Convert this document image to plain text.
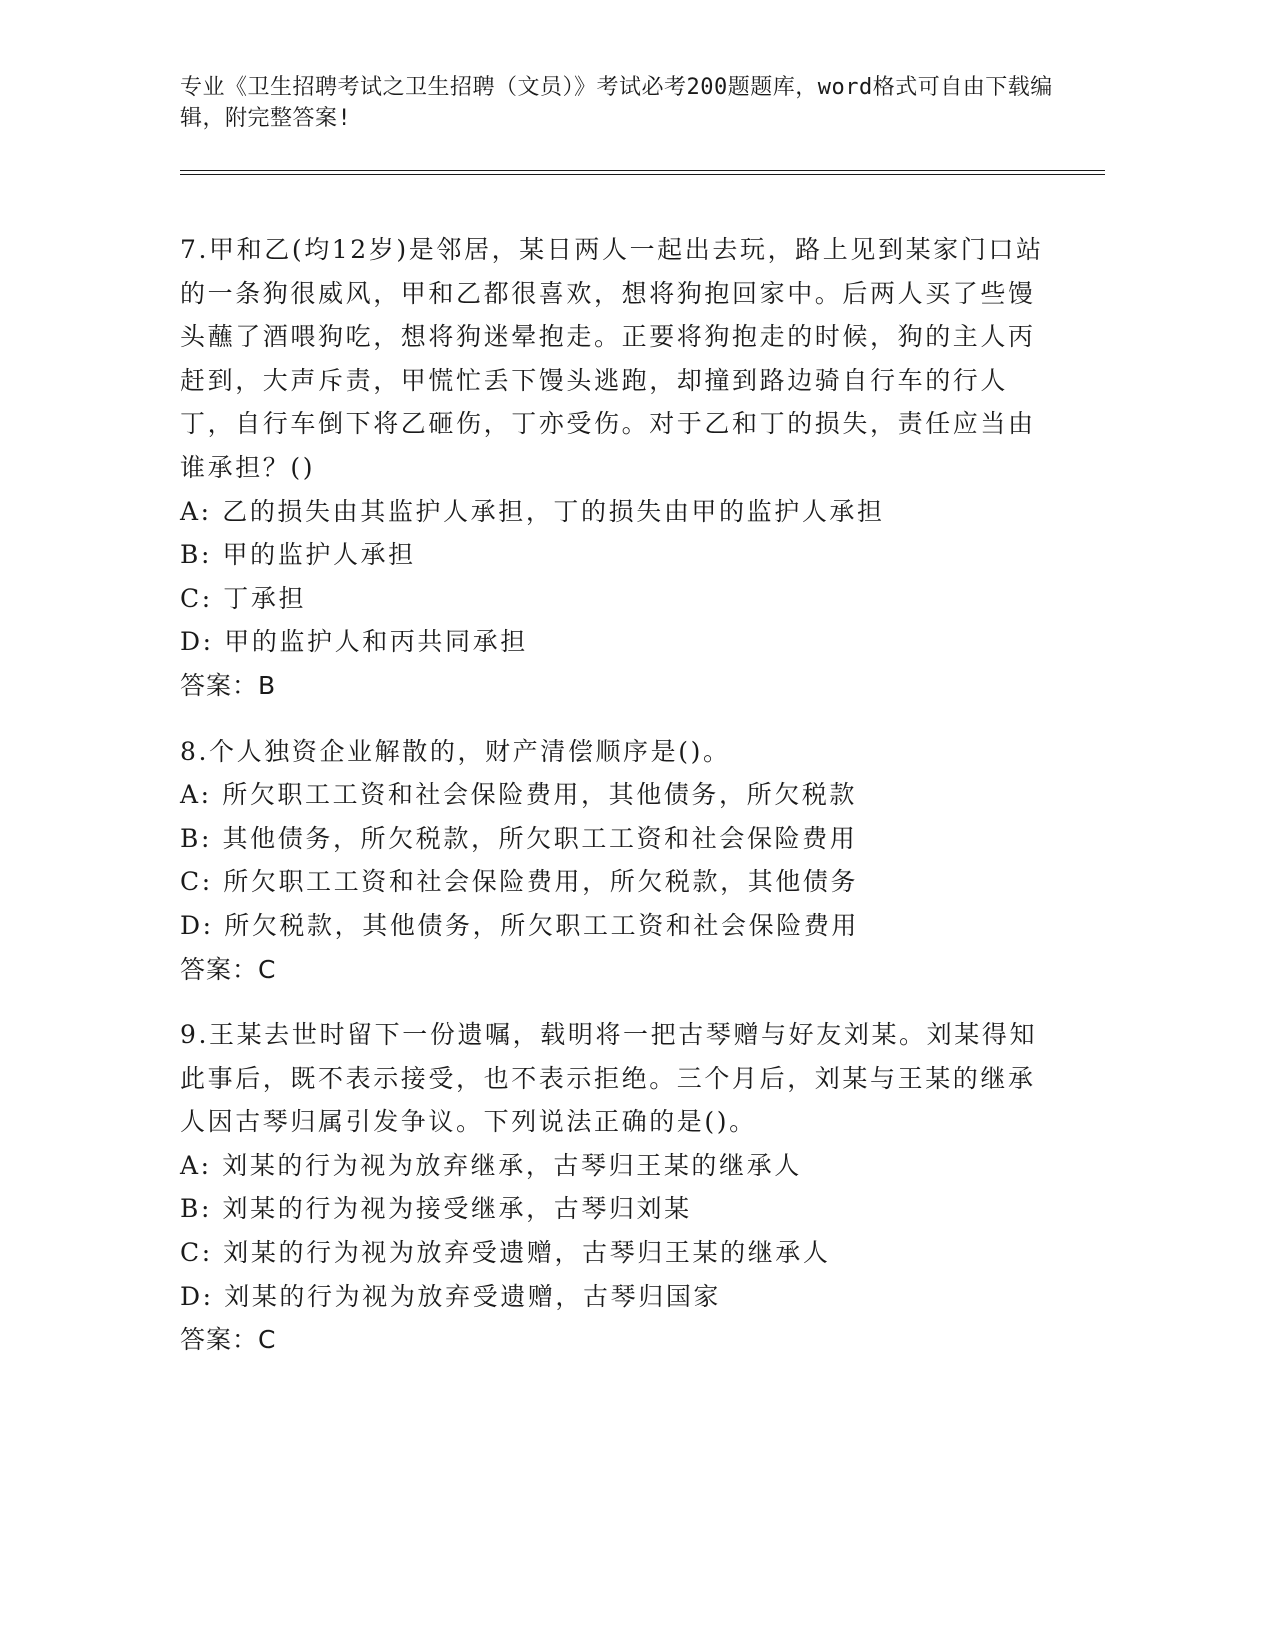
专业《卫生招聘考试之卫生招聘（文员）》考试必考200题题库，word格式可自由下载编辑，附完整答案!

7.甲和乙(均12岁)是邻居，某日两人一起出去玩，路上见到某家门口站的一条狗很威风，甲和乙都很喜欢，想将狗抱回家中。后两人买了些馒头蘸了酒喂狗吃，想将狗迷晕抱走。正要将狗抱走的时候，狗的主人丙赶到，大声斥责，甲慌忙丢下馒头逃跑，却撞到路边骑自行车的行人丁，自行车倒下将乙砸伤，丁亦受伤。对于乙和丁的损失，责任应当由谁承担？()

A: 乙的损失由其监护人承担，丁的损失由甲的监护人承担

B: 甲的监护人承担

C: 丁承担

D: 甲的监护人和丙共同承担

答案：B

8.个人独资企业解散的，财产清偿顺序是()。

A: 所欠职工工资和社会保险费用，其他债务，所欠税款

B: 其他债务，所欠税款，所欠职工工资和社会保险费用

C: 所欠职工工资和社会保险费用，所欠税款，其他债务

D: 所欠税款，其他债务，所欠职工工资和社会保险费用

答案：C

9.王某去世时留下一份遗嘱，载明将一把古琴赠与好友刘某。刘某得知此事后，既不表示接受，也不表示拒绝。三个月后，刘某与王某的继承人因古琴归属引发争议。下列说法正确的是()。

A: 刘某的行为视为放弃继承，古琴归王某的继承人

B: 刘某的行为视为接受继承，古琴归刘某

C: 刘某的行为视为放弃受遗赠，古琴归王某的继承人

D: 刘某的行为视为放弃受遗赠，古琴归国家

答案：C
